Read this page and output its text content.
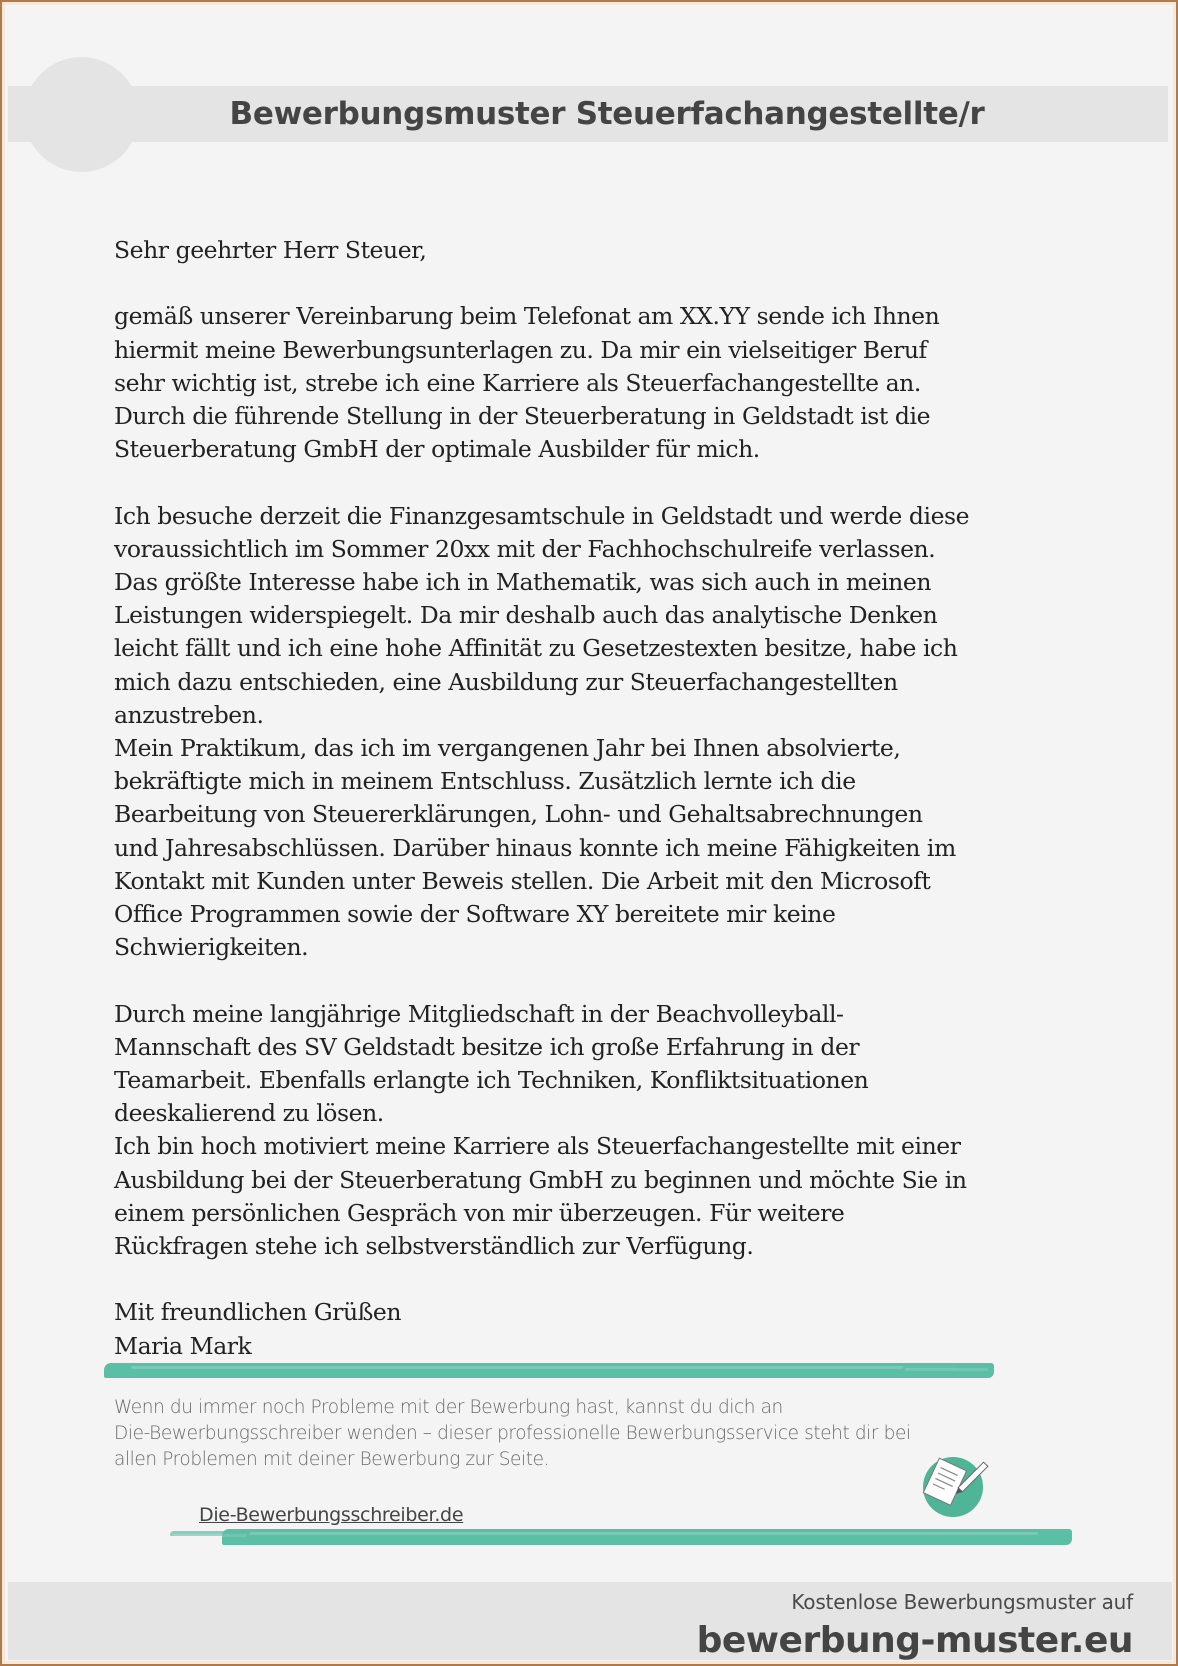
Bewerbungsmuster Steuerfachangestellte/r

Sehr geehrter Herr Steuer,

gemäß unserer Vereinbarung beim Telefonat am XX.YY sende ich Ihnen
hiermit meine Bewerbungsunterlagen zu. Da mir ein vielseitiger Beruf
sehr wichtig ist, strebe ich eine Karriere als Steuerfachangestellte an.
Durch die führende Stellung in der Steuerberatung in Geldstadt ist die
Steuerberatung GmbH der optimale Ausbilder für mich.

Ich besuche derzeit die Finanzgesamtschule in Geldstadt und werde diese
voraussichtlich im Sommer 20xx mit der Fachhochschulreife verlassen.
Das größte Interesse habe ich in Mathematik, was sich auch in meinen
Leistungen widerspiegelt. Da mir deshalb auch das analytische Denken
leicht fällt und ich eine hohe Affinität zu Gesetzestexten besitze, habe ich
mich dazu entschieden, eine Ausbildung zur Steuerfachangestellten
anzustreben.

Mein Praktikum, das ich im vergangenen Jahr bei Ihnen absolvierte,
bekräftigte mich in meinem Entschluss. Zusätzlich lernte ich die
Bearbeitung von Steuererklärungen, Lohn- und Gehaltsabrechnungen
und Jahresabschlüssen. Darüber hinaus konnte ich meine Fähigkeiten im
Kontakt mit Kunden unter Beweis stellen. Die Arbeit mit den Microsoft
Office Programmen sowie der Software XY bereitete mir keine
Schwierigkeiten.

Durch meine langjährige Mitgliedschaft in der Beachvolleyball-
Mannschaft des SV Geldstadt besitze ich große Erfahrung in der
Teamarbeit. Ebenfalls erlangte ich Techniken, Konfliktsituationen
deeskalierend zu lösen.

Ich bin hoch motiviert meine Karriere als Steuerfachangestellte mit einer
Ausbildung bei der Steuerberatung GmbH zu beginnen und möchte Sie in
einem persönlichen Gespräch von mir überzeugen. Für weitere
Rückfragen stehe ich selbstverständlich zur Verfügung.

Mit freundlichen Grüßen

Maria Mark

Wenn du immer noch Probleme mit der Bewerbung hast, kannst du dich an
Die-Bewerbungsschreiber wenden – dieser professionelle Bewerbungsservice steht dir bei
allen Problemen mit deiner Bewerbung zur Seite.

Die-Bewerbungsschreiber.de
Kostenlose Bewerbungsmuster auf
bewerbung-muster.eu
